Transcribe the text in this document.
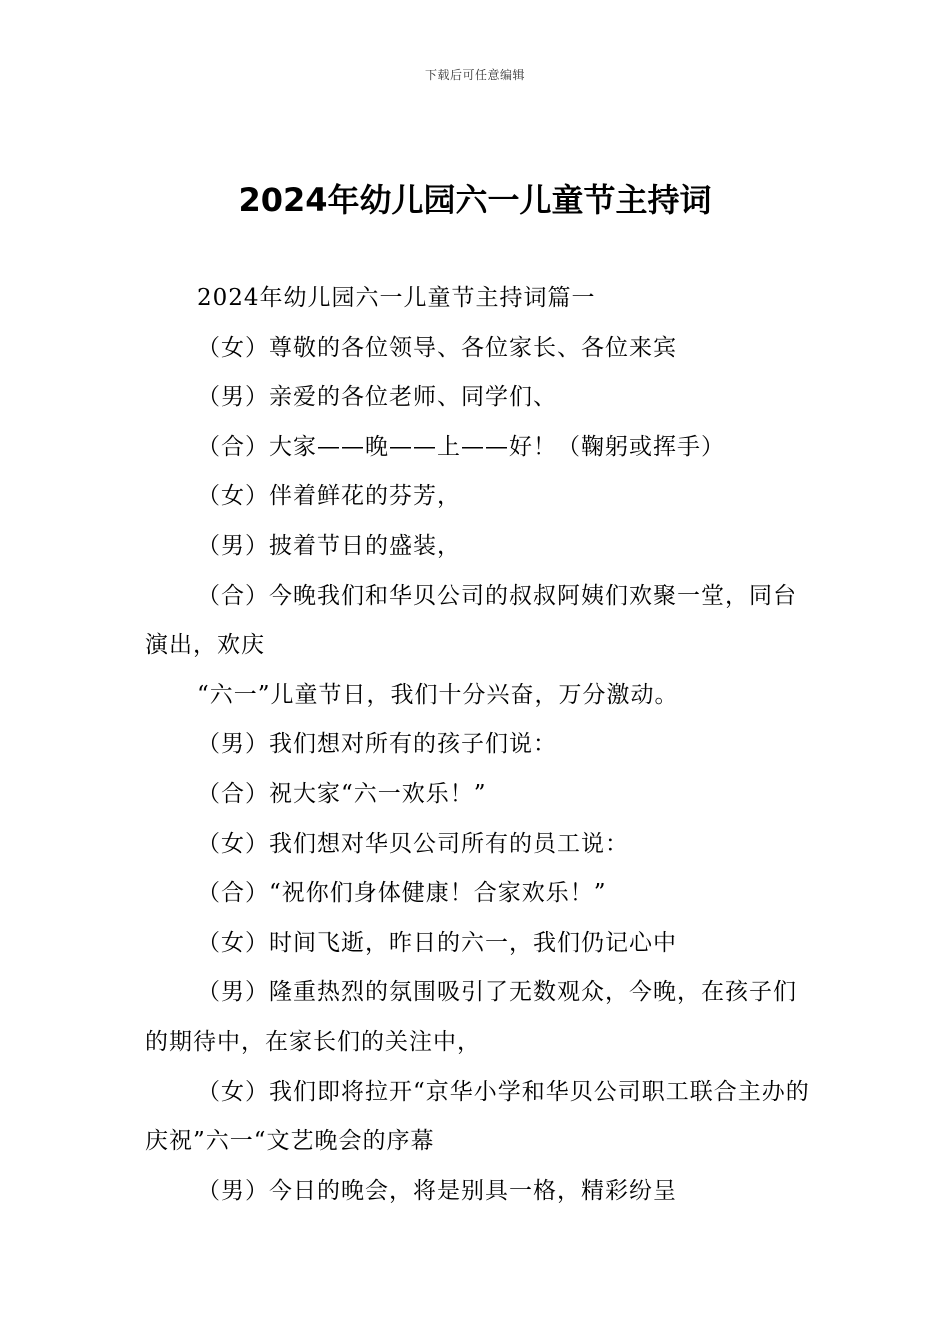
下载后可任意编辑
2024年幼儿园六一儿童节主持词

2024年幼儿园六一儿童节主持词篇一

（女）尊敬的各位领导、各位家长、各位来宾

（男）亲爱的各位老师、同学们、

（合）大家——晚——上——好！（鞠躬或挥手）

（女）伴着鲜花的芬芳，

（男）披着节日的盛装，

（合）今晚我们和华贝公司的叔叔阿姨们欢聚一堂，同台演出，欢庆

“六一”儿童节日，我们十分兴奋，万分激动。

（男）我们想对所有的孩子们说：

（合）祝大家“六一欢乐！”

（女）我们想对华贝公司所有的员工说：

（合）“祝你们身体健康！合家欢乐！”

（女）时间飞逝，昨日的六一，我们仍记心中

（男）隆重热烈的氛围吸引了无数观众，今晚，在孩子们的期待中，在家长们的关注中，

（女）我们即将拉开“京华小学和华贝公司职工联合主办的庆祝”六一“文艺晚会的序幕

（男）今日的晚会，将是别具一格，精彩纷呈
